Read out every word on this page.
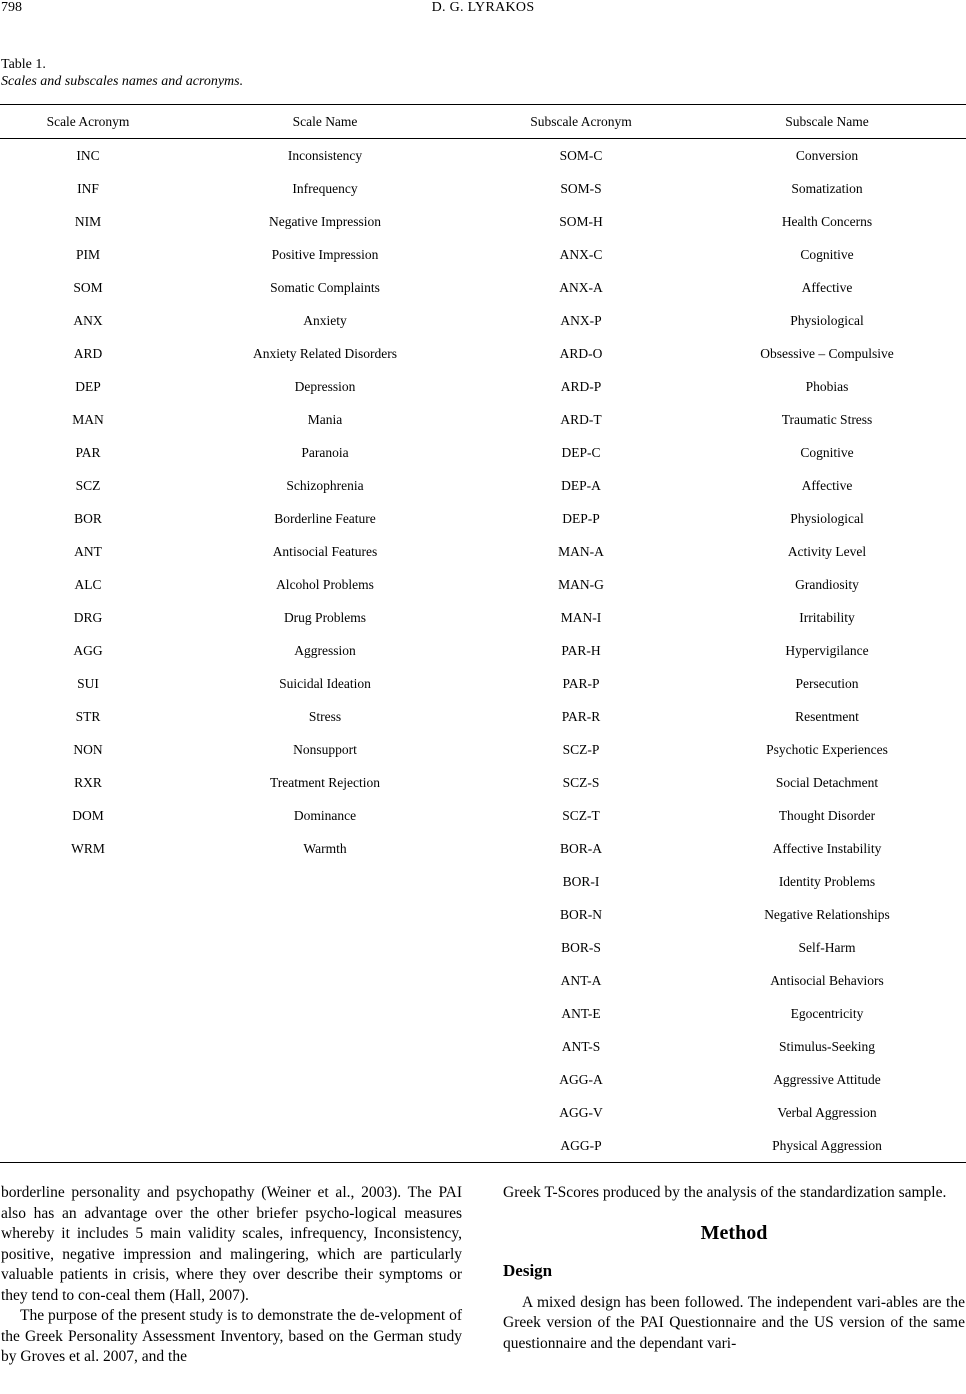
798	D. G. LYRAKOS
Table 1.
Scales and subscales names and acronyms.
Scale Acronym	Scale Name	Subscale Acronym	Subscale Name
INC	Inconsistency	SOM-C	Conversion
INF	Infrequency	SOM-S	Somatization
NIM	Negative Impression	SOM-H	Health Concerns
PIM	Positive Impression	ANX-C	Cognitive
SOM	Somatic Complaints	ANX-A	Affective
ANX	Anxiety	ANX-P	Physiological
ARD	Anxiety Related Disorders	ARD-O	Obsessive – Compulsive
DEP	Depression	ARD-P	Phobias
MAN	Mania	ARD-T	Traumatic Stress
PAR	Paranoia	DEP-C	Cognitive
SCZ	Schizophrenia	DEP-A	Affective
BOR	Borderline Feature	DEP-P	Physiological
ANT	Antisocial Features	MAN-A	Activity Level
ALC	Alcohol Problems	MAN-G	Grandiosity
DRG	Drug Problems	MAN-I	Irritability
AGG	Aggression	PAR-H	Hypervigilance
SUI	Suicidal Ideation	PAR-P	Persecution
STR	Stress	PAR-R	Resentment
NON	Nonsupport	SCZ-P	Psychotic Experiences
RXR	Treatment Rejection	SCZ-S	Social Detachment
DOM	Dominance	SCZ-T	Thought Disorder
WRM	Warmth	BOR-A	Affective Instability
		BOR-I	Identity Problems
		BOR-N	Negative Relationships
		BOR-S	Self-Harm
		ANT-A	Antisocial Behaviors
		ANT-E	Egocentricity
		ANT-S	Stimulus-Seeking
		AGG-A	Aggressive Attitude
		AGG-V	Verbal Aggression
		AGG-P	Physical Aggression

borderline personality and psychopathy (Weiner et al., 2003). The PAI also has an advantage over the other briefer psycho-logical measures whereby it includes 5 main validity scales, infrequency, Inconsistency, positive, negative impression and malingering, which are particularly valuable patients in crisis, where they over describe their symptoms or they tend to con-ceal them (Hall, 2007).

The purpose of the present study is to demonstrate the de-velopment of the Greek Personality Assessment Inventory, based on the German study by Groves et al. 2007, and the

Greek T-Scores produced by the analysis of the standardization sample.

Method
Design

A mixed design has been followed. The independent vari-ables are the Greek version of the PAI Questionnaire and the US version of the same questionnaire and the dependant vari-
